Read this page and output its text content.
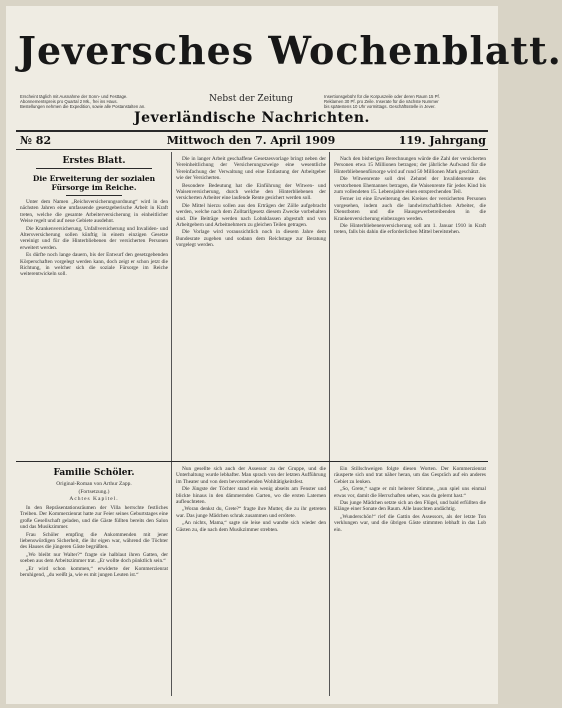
Jeversches Wochenblatt.
Erscheint täglich mit Ausnahme der Sonn- und Festtage.
Abonnementspreis pro Quartal 2 Mk., frei ins Haus.
Bestellungen nehmen die Expedition, sowie alle Postanstalten an.
Nebst der Zeitung	Insertionsgebühr für die Korpuszeile oder deren Raum 15 Pf.
Reklamen 30 Pf. pro Zeile. Inserate für die nächste Nummer
bis spätestens 10 Uhr vormittags. Geschäftsstelle in Jever.
Jeverländische Nachrichten.
№ 82	Mittwoch den 7. April 1909	119. Jahrgang
Erstes Blatt.
Die Erweiterung der sozialen Fürsorge im Reiche.

Unter dem Namen „Reichsversicherungsordnung“ wird in den nächsten Jahren eine umfassende gesetzgeberische Arbeit in Kraft treten, welche die gesamte Arbeiterversicherung in einheitlicher Weise regelt und auf neue Gebiete ausdehnt.

Die Krankenversicherung, Unfallversicherung und Invaliden- und Altersversicherung sollen künftig in einem einzigen Gesetze vereinigt und für die Hinterbliebenen der versicherten Personen erweitert werden.

Es dürfte noch lange dauern, bis der Entwurf den gesetzgebenden Körperschaften vorgelegt werden kann, doch zeigt er schon jetzt die Richtung, in welcher sich die soziale Fürsorge im Reiche weiterentwickeln soll.

Die in langer Arbeit geschaffene Gesetzesvorlage bringt neben der Vereinheitlichung der Versicherungszweige eine wesentliche Vereinfachung der Verwaltung und eine Entlastung der Arbeitgeber wie der Versicherten.

Besondere Bedeutung hat die Einführung der Witwen- und Waisenversicherung, durch welche den Hinterbliebenen der versicherten Arbeiter eine laufende Rente gesichert werden soll.

Die Mittel hierzu sollen aus den Erträgen der Zölle aufgebracht werden, welche nach dem Zolltarifgesetz diesem Zwecke vorbehalten sind. Die Beiträge werden nach Lohnklassen abgestuft und von Arbeitgebern und Arbeitnehmern zu gleichen Teilen getragen.

Die Vorlage wird voraussichtlich noch in diesem Jahre dem Bundesrate zugehen und sodann dem Reichstage zur Beratung vorgelegt werden.

Nach den bisherigen Berechnungen würde die Zahl der versicherten Personen etwa 15 Millionen betragen; der jährliche Aufwand für die Hinterbliebenenfürsorge wird auf rund 50 Millionen Mark geschätzt.

Die Witwenrente soll drei Zehntel der Invalidenrente des verstorbenen Ehemannes betragen, die Waisenrente für jedes Kind bis zum vollendeten 15. Lebensjahre einen entsprechenden Teil.

Ferner ist eine Erweiterung des Kreises der versicherten Personen vorgesehen, indem auch die landwirtschaftlichen Arbeiter, die Dienstboten und die Hausgewerbetreibenden in die Krankenversicherung einbezogen werden.

Die Hinterbliebenenversicherung soll am 1. Januar 1910 in Kraft treten, falls bis dahin die erforderlichen Mittel bereitstehen.

Familie Schöler.
Original-Roman von Arthur Zapp.
(Fortsetzung.)
Achtes Kapitel.

In den Repräsentationsräumen der Villa herrschte festliches Treiben. Der Kommerzienrat hatte zur Feier seines Geburtstages eine große Gesellschaft geladen, und die Gäste füllten bereits den Salon und das Musikzimmer.

Frau Schöler empfing die Ankommenden mit jener liebenswürdigen Sicherheit, die ihr eigen war, während die Töchter des Hauses die jüngeren Gäste begrüßten.

„Wo bleibt nur Walter?“ fragte sie halblaut ihren Gatten, der soeben aus dem Arbeitszimmer trat. „Er wollte doch pünktlich sein.“

„Er wird schon kommen,“ erwiderte der Kommerzienrat beruhigend, „du weißt ja, wie es mit jungen Leuten ist.“

Nun gesellte sich auch der Assessor zu der Gruppe, und die Unterhaltung wurde lebhafter. Man sprach von der letzten Aufführung im Theater und von dem bevorstehenden Wohltätigkeitsfest.

Die Jüngste der Töchter stand ein wenig abseits am Fenster und blickte hinaus in den dämmernden Garten, wo die ersten Laternen aufleuchteten.

„Woran denkst du, Grete?“ fragte ihre Mutter, die zu ihr getreten war. Das junge Mädchen schrak zusammen und errötete.

„An nichts, Mama,“ sagte sie leise und wandte sich wieder den Gästen zu, die nach dem Musikzimmer strebten.

Ein Stillschweigen folgte diesen Worten. Der Kommerzienrat räusperte sich und trat näher heran, um das Gespräch auf ein anderes Gebiet zu lenken.

„So, Grete,“ sagte er mit heiterer Stimme, „nun spiel uns einmal etwas vor, damit die Herrschaften sehen, was du gelernt hast.“

Das junge Mädchen setzte sich an den Flügel, und bald erfüllten die Klänge einer Sonate den Raum. Alle lauschten andächtig.

„Wunderschön!“ rief die Gattin des Assessors, als der letzte Ton verklungen war, und die übrigen Gäste stimmten lebhaft in das Lob ein.
